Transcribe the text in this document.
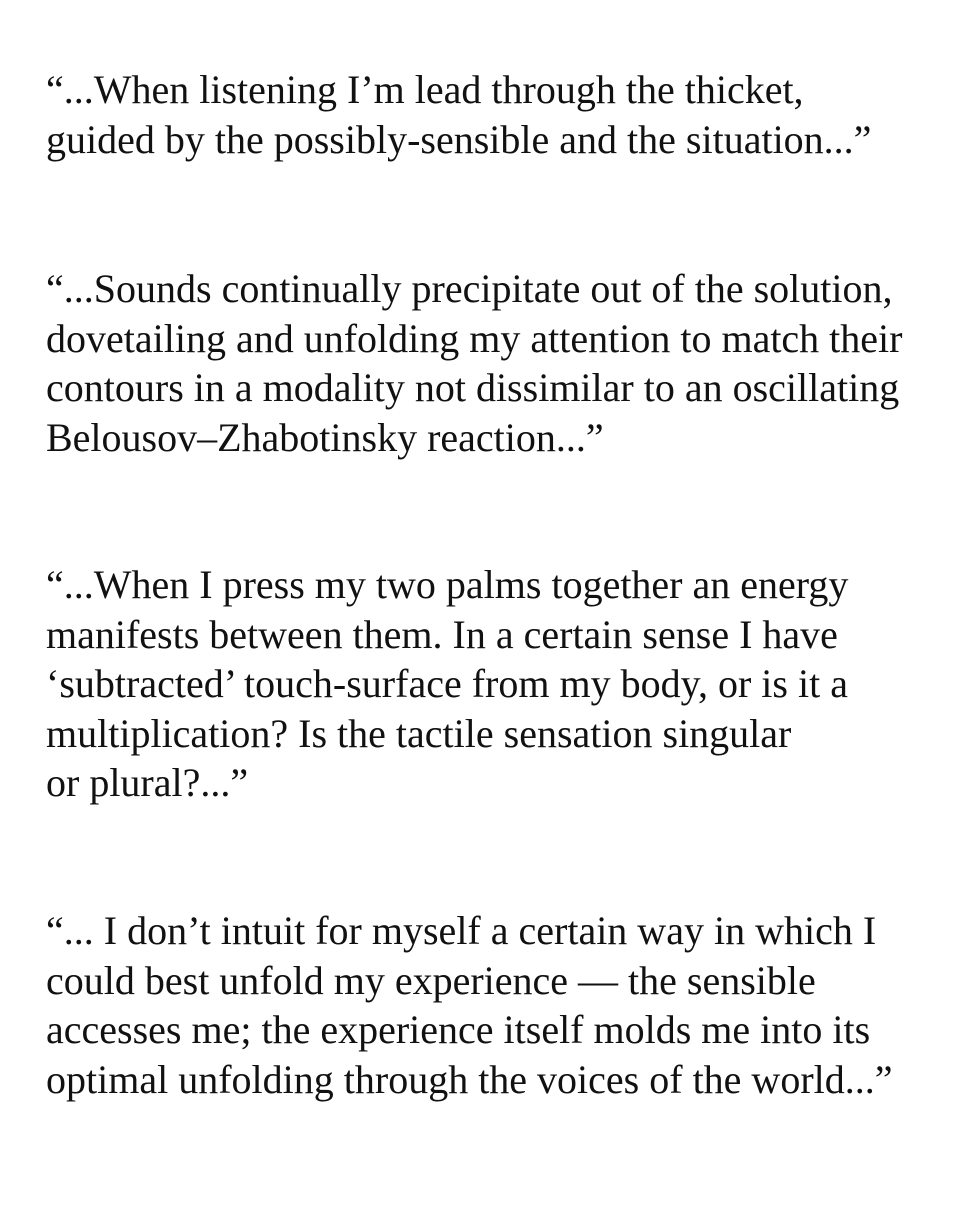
“...When listening I’m lead through the thicket,
guided by the possibly-sensible and the situation...”

“...Sounds continually precipitate out of the solution,
dovetailing and unfolding my attention to match their
contours in a modality not dissimilar to an oscillating
Belousov–Zhabotinsky reaction...”

“...When I press my two palms together an energy
manifests between them. In a certain sense I have
‘subtracted’ touch-surface from my body, or is it a
multiplication? Is the tactile sensation singular
or plural?...”

“... I don’t intuit for myself a certain way in which I
could best unfold my experience — the sensible
accesses me; the experience itself molds me into its
optimal unfolding through the voices of the world...”
